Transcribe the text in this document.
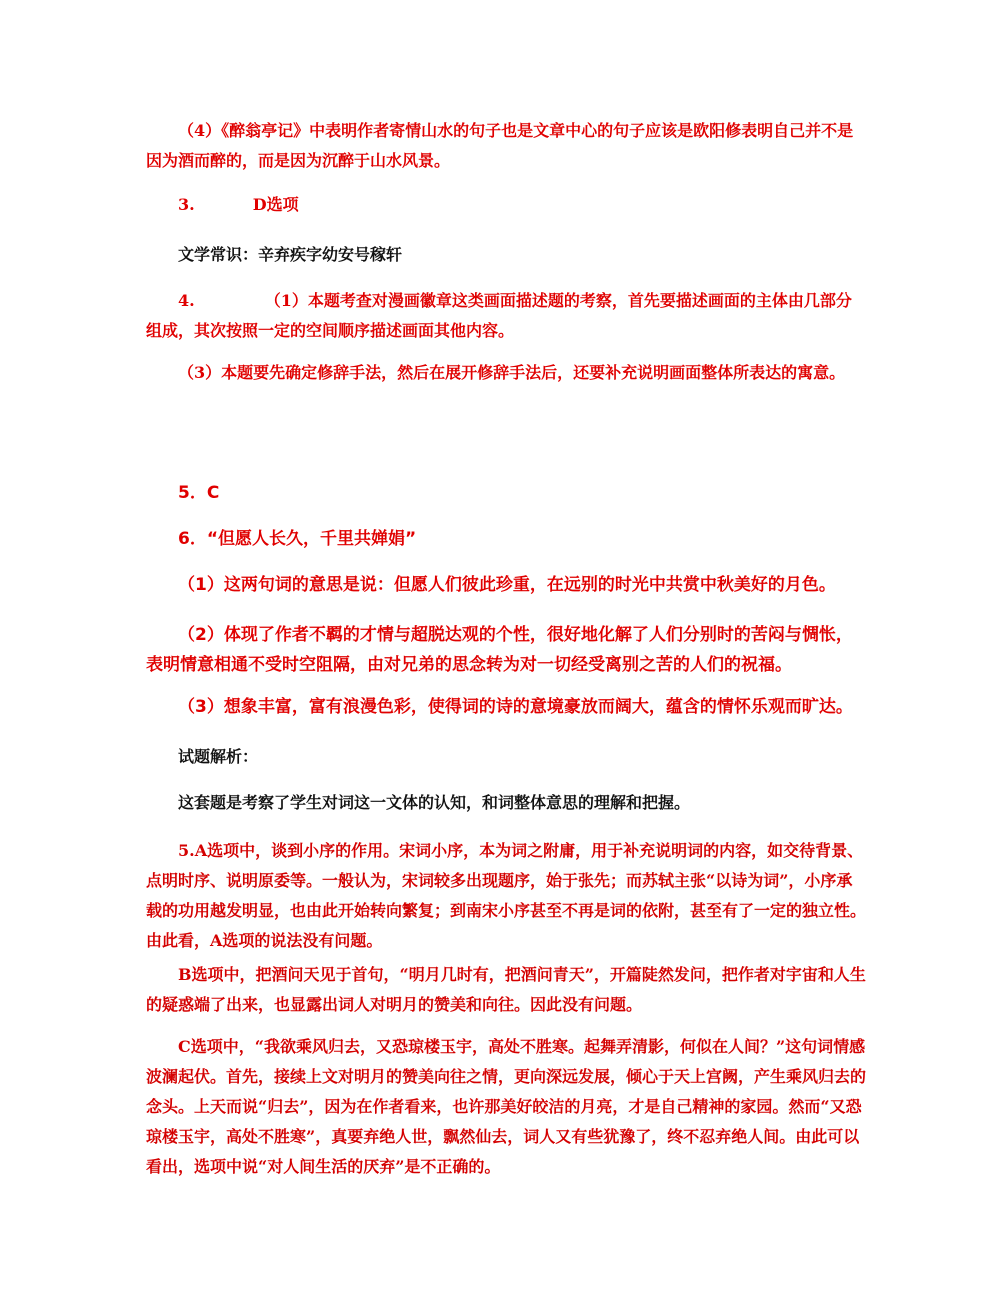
（4）《醉翁亭记》中表明作者寄情山水的句子也是文章中心的句子应该是欧阳修表明自己并不是因为酒而醉的，而是因为沉醉于山水风景。

3.	D选项

文学常识：辛弃疾字幼安号稼轩

4.	（1）本题考查对漫画徽章这类画面描述题的考察，首先要描述画面的主体由几部分组成，其次按照一定的空间顺序描述画面其他内容。

（3）本题要先确定修辞手法，然后在展开修辞手法后，还要补充说明画面整体所表达的寓意。

5．C

6．“但愿人长久，千里共婵娟”

（1）这两句词的意思是说：但愿人们彼此珍重，在远别的时光中共赏中秋美好的月色。

（2）体现了作者不羁的才情与超脱达观的个性，很好地化解了人们分别时的苦闷与惆怅，表明情意相通不受时空阻隔，由对兄弟的思念转为对一切经受离别之苦的人们的祝福。

（3）想象丰富，富有浪漫色彩，使得词的诗的意境豪放而阔大，蕴含的情怀乐观而旷达。

试题解析：

这套题是考察了学生对词这一文体的认知，和词整体意思的理解和把握。

5.A选项中，谈到小序的作用。宋词小序，本为词之附庸，用于补充说明词的内容，如交待背景、点明时序、说明原委等。一般认为，宋词较多出现题序，始于张先；而苏轼主张“以诗为词”，小序承载的功用越发明显，也由此开始转向繁复；到南宋小序甚至不再是词的依附，甚至有了一定的独立性。由此看，A选项的说法没有问题。

B选项中，把酒问天见于首句，“明月几时有，把酒问青天”，开篇陡然发问，把作者对宇宙和人生的疑惑端了出来，也显露出词人对明月的赞美和向往。因此没有问题。

C选项中，“我欲乘风归去，又恐琼楼玉宇，高处不胜寒。起舞弄清影，何似在人间？”这句词情感波澜起伏。首先，接续上文对明月的赞美向往之情，更向深远发展，倾心于天上宫阙，产生乘风归去的念头。上天而说“归去”，因为在作者看来，也许那美好皎洁的月亮，才是自己精神的家园。然而“又恐琼楼玉宇，高处不胜寒”，真要弃绝人世，飘然仙去，词人又有些犹豫了，终不忍弃绝人间。由此可以看出，选项中说“对人间生活的厌弃”是不正确的。
